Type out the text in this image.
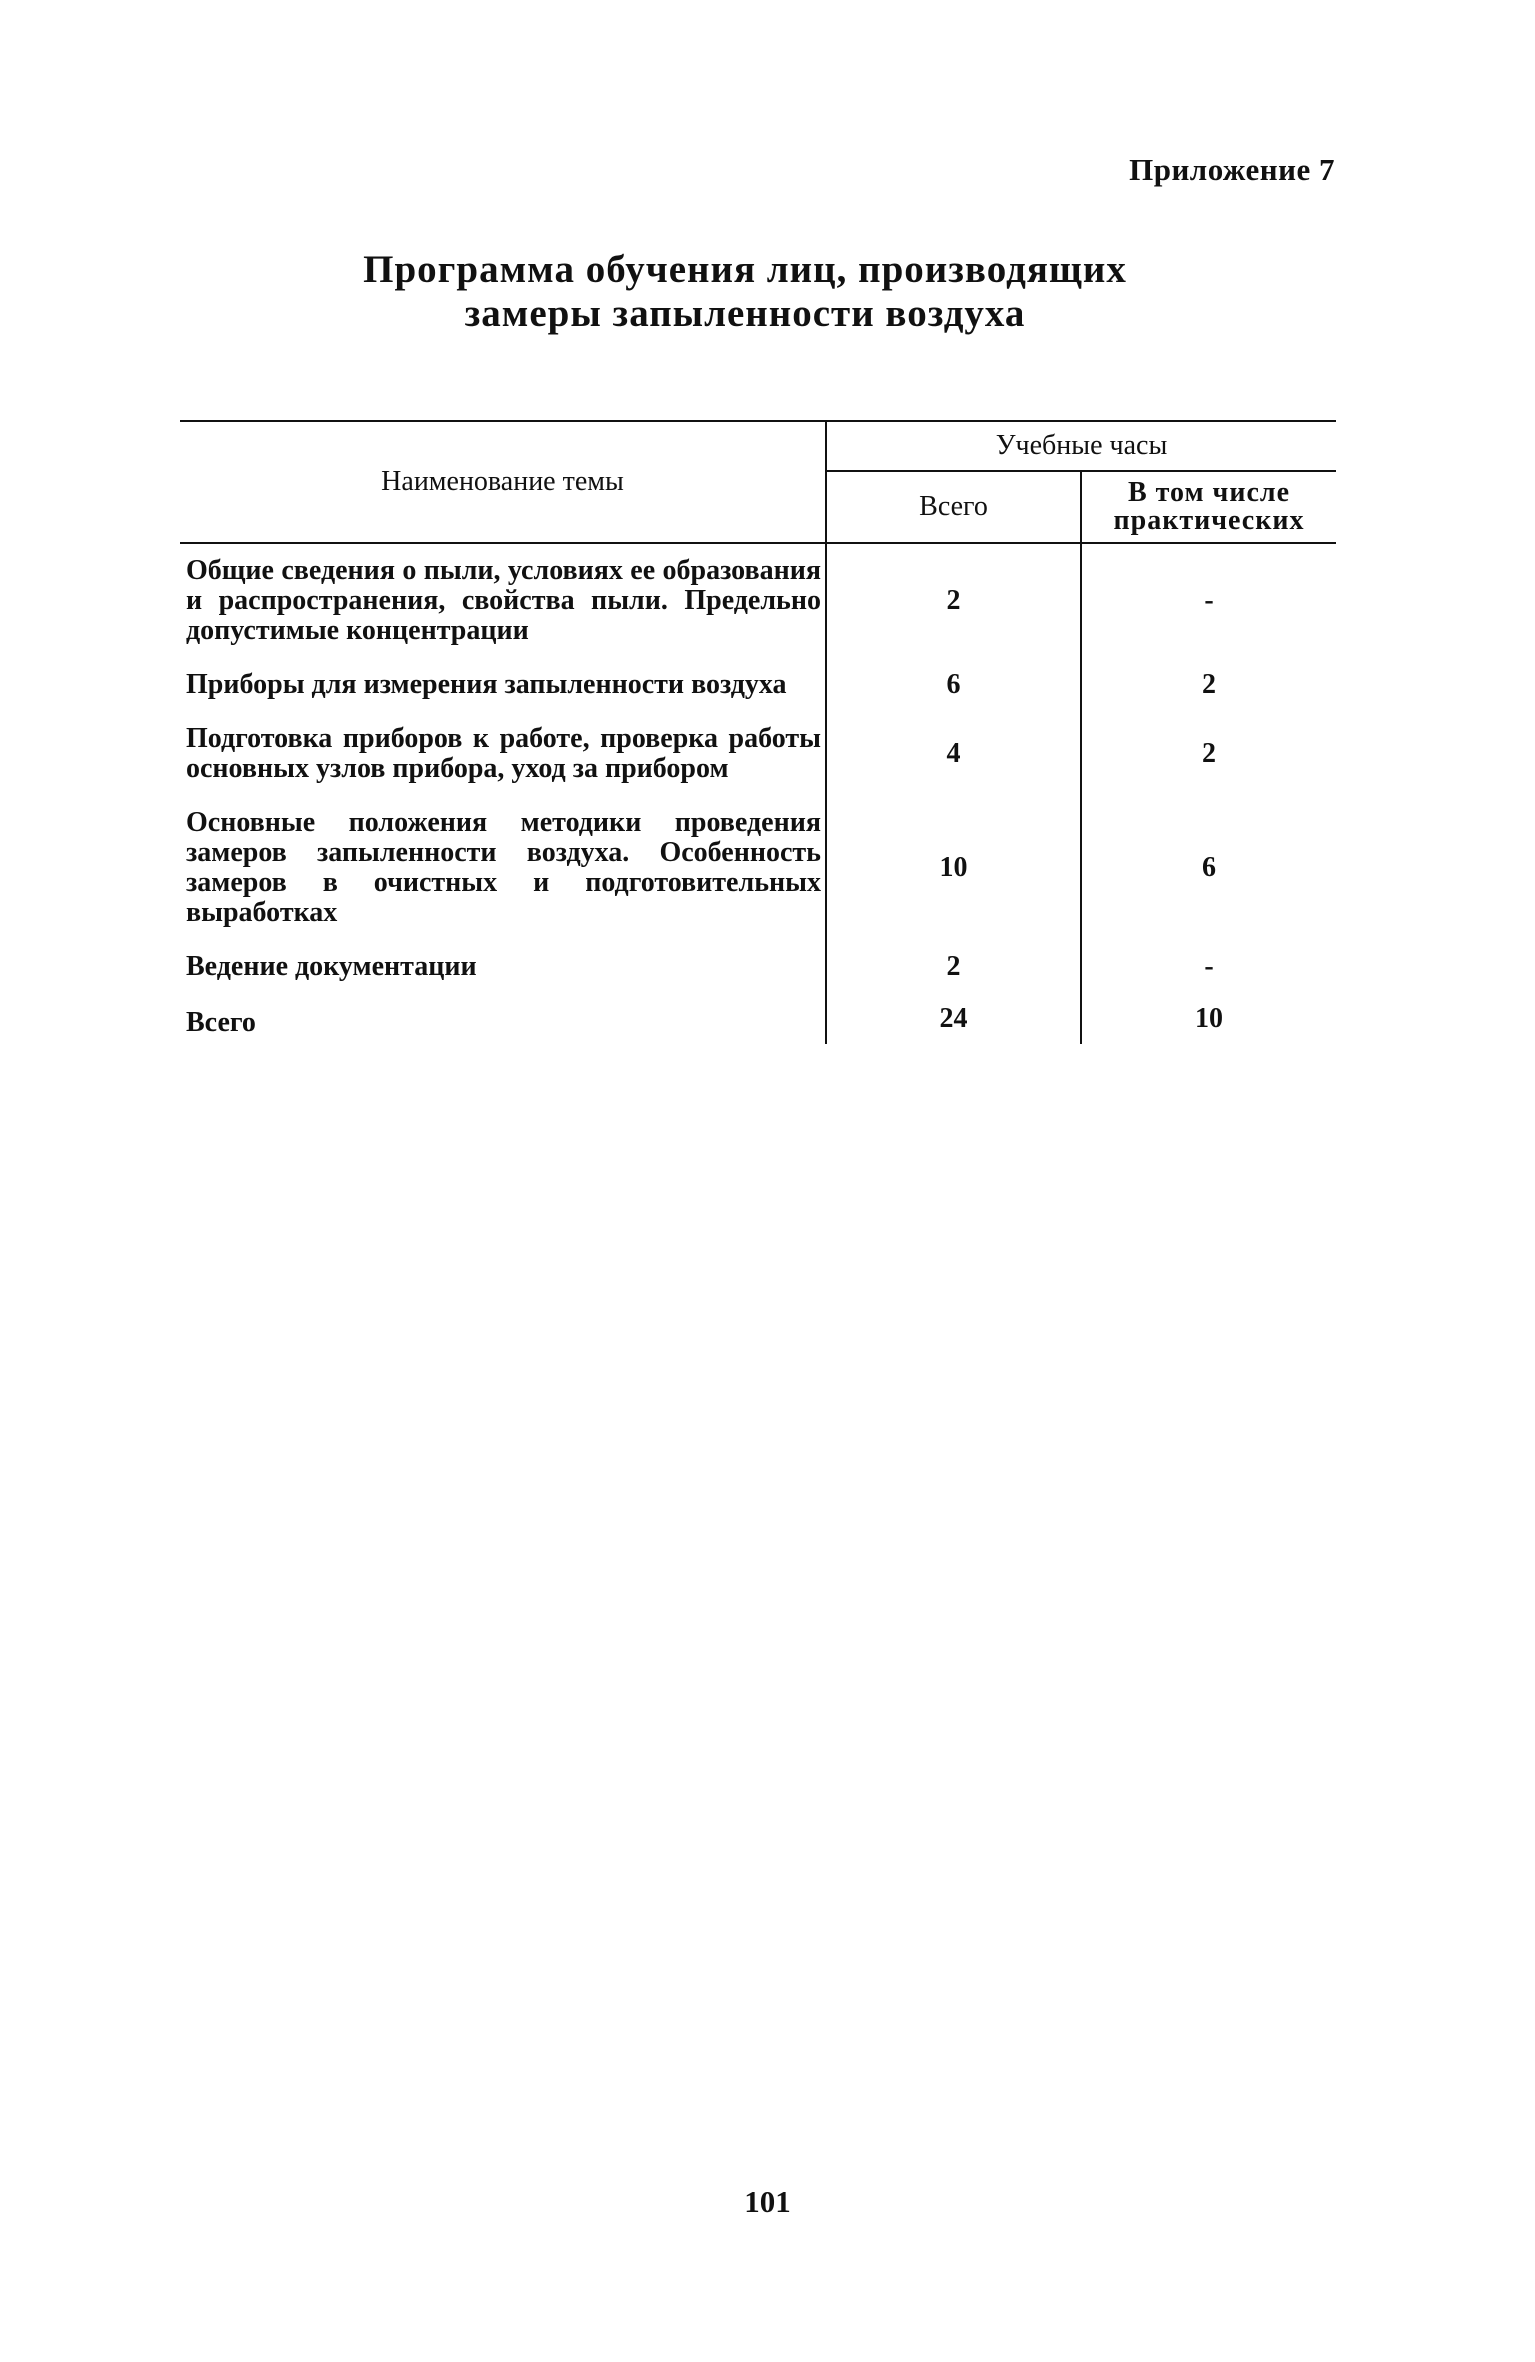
Приложение 7
Программа обучения лиц, производящих
замеры запыленности воздуха
Наименование темы	Учебные часы	
	Всего	В том числе практических
Общие сведения о пыли, условиях ее образования и распространения, свойства пыли. Предельно допустимые концентрации	2	-
Приборы для измерения запыленности воздуха	6	2
Подготовка приборов к работе, проверка работы основных узлов прибора, уход за прибором	4	2
Основные положения методики проведения замеров запыленности воздуха. Особенность замеров в очистных и подготовительных выработках	10	6
Ведение документации	2	-
Всего	24	10
101
